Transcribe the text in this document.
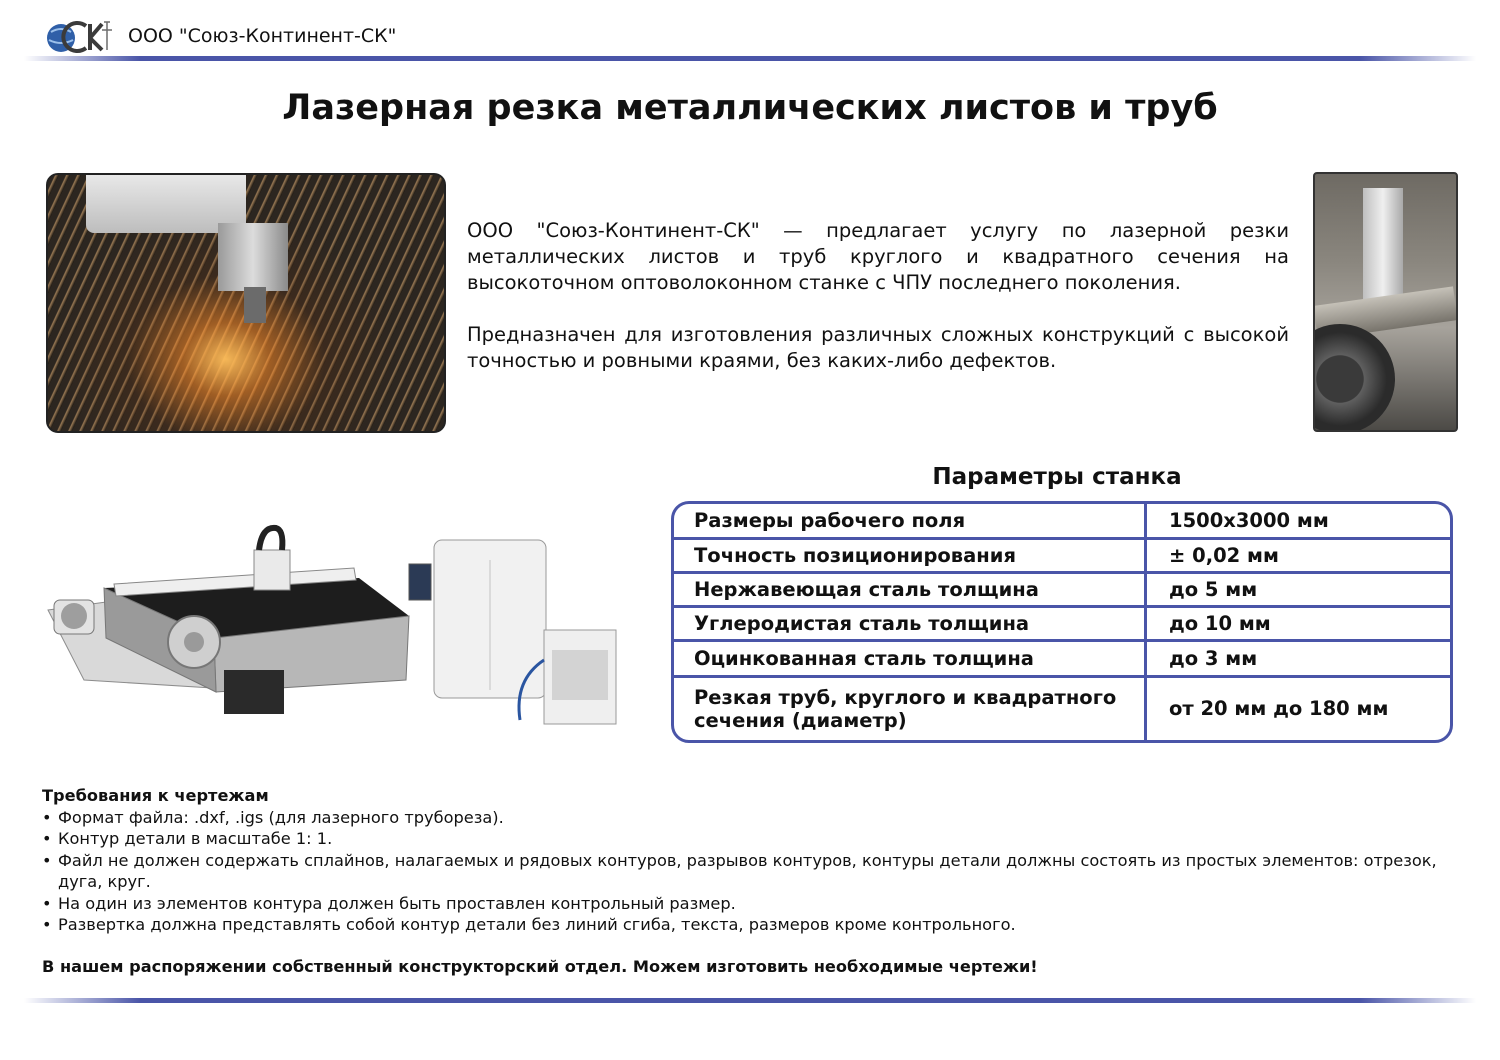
ООО "Союз-Континент-СК"
Лазерная резка металлических листов и труб

ООО "Союз-Континент-СК" — предлагает услугу по лазерной резки металлических листов и труб круглого и квадратного сечения на высокоточном оптоволоконном станке с ЧПУ последнего поколения.

Предназначен для изготовления различных сложных конструкций с высокой точностью и ровными краями, без каких-либо дефектов.

Параметры станка
Размеры рабочего поля	1500х3000 мм
Точность позиционирования	± 0,02 мм
Нержавеющая сталь толщина	до 5 мм
Углеродистая сталь толщина	до 10 мм
Оцинкованная сталь толщина	до 3 мм
Резкая труб, круглого и квадратного сечения (диаметр)	от 20 мм до 180 мм
Требования к чертежам
• Формат файла: .dxf, .igs (для лазерного трубореза).
• Контур детали в масштабе 1: 1.
• Файл не должен содержать сплайнов, налагаемых и рядовых контуров, разрывов контуров, контуры детали должны состоять из простых элементов: отрезок, дуга, круг.
• На один из элементов контура должен быть проставлен контрольный размер.
• Развертка должна представлять собой контур детали без линий сгиба, текста, размеров кроме контрольного.
В нашем распоряжении собственный конструкторский отдел. Можем изготовить необходимые чертежи!
